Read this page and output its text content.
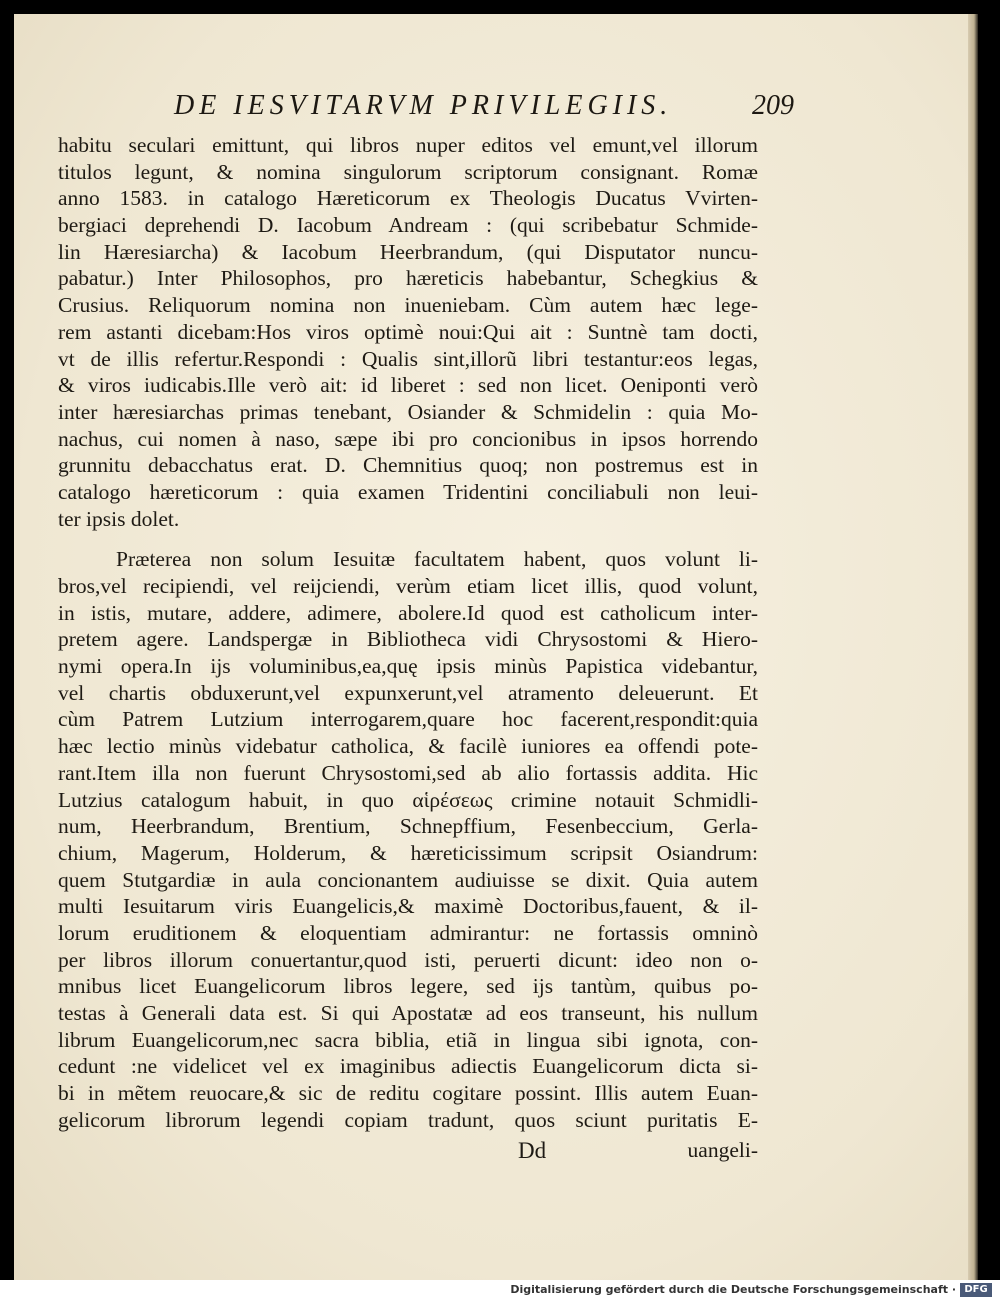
DE IESVITARVM PRIVILEGIIS.	209
habitu seculari emittunt, qui libros nuper editos vel emunt,vel illorum
titulos legunt, & nomina singulorum scriptorum consignant. Romæ
anno 1583. in catalogo Hæreticorum ex Theologis Ducatus Vvirten-
bergiaci deprehendi D. Iacobum Andream : (qui scribebatur Schmide-
lin Hæresiarcha) & Iacobum Heerbrandum, (qui Disputator nuncu-
pabatur.) Inter Philosophos, pro hæreticis habebantur, Schegkius &
Crusius. Reliquorum nomina non inueniebam. Cùm autem hæc lege-
rem astanti dicebam:Hos viros optimè noui:Qui ait : Suntnè tam docti,
vt de illis refertur.Respondi : Qualis sint,illorũ libri testantur:eos legas,
& viros iudicabis.Ille verò ait: id liberet : sed non licet. Oeniponti verò
inter hæresiarchas primas tenebant, Osiander & Schmidelin : quia Mo-
nachus, cui nomen à naso, sæpe ibi pro concionibus in ipsos horrendo
grunnitu debacchatus erat. D. Chemnitius quoq; non postremus est in
catalogo hæreticorum : quia examen Tridentini conciliabuli non leui-
ter ipsis dolet.
Præterea non solum Iesuitæ facultatem habent, quos volunt li-
bros,vel recipiendi, vel reijciendi, verùm etiam licet illis, quod volunt,
in istis, mutare, addere, adimere, abolere.Id quod est catholicum inter-
pretem agere. Landspergæ in Bibliotheca vidi Chrysostomi & Hiero-
nymi opera.In ijs voluminibus,ea,quę ipsis minùs Papistica videbantur,
vel chartis obduxerunt,vel expunxerunt,vel atramento deleuerunt. Et
cùm Patrem Lutzium interrogarem,quare hoc facerent,respondit:quia
hæc lectio minùs videbatur catholica, & facilè iuniores ea offendi pote-
rant.Item illa non fuerunt Chrysostomi,sed ab alio fortassis addita. Hic
Lutzius catalogum habuit, in quo αἱρέσεως crimine notauit Schmidli-
num, Heerbrandum, Brentium, Schnepffium, Fesenbeccium, Gerla-
chium, Magerum, Holderum, & hæreticissimum scripsit Osiandrum:
quem Stutgardiæ in aula concionantem audiuisse se dixit. Quia autem
multi Iesuitarum viris Euangelicis,& maximè Doctoribus,fauent, & il-
lorum eruditionem & eloquentiam admirantur: ne fortassis omninò
per libros illorum conuertantur,quod isti, peruerti dicunt: ideo non o-
mnibus licet Euangelicorum libros legere, sed ijs tantùm, quibus po-
testas à Generali data est. Si qui Apostatæ ad eos transeunt, his nullum
librum Euangelicorum,nec sacra biblia, etiã in lingua sibi ignota, con-
cedunt :ne videlicet vel ex imaginibus adiectis Euangelicorum dicta si-
bi in mẽtem reuocare,& sic de reditu cogitare possint. Illis autem Euan-
gelicorum librorum legendi copiam tradunt, quos sciunt puritatis E-
Dd	uangeli-
Digitalisierung gefördert durch die Deutsche Forschungsgemeinschaft · DFG
